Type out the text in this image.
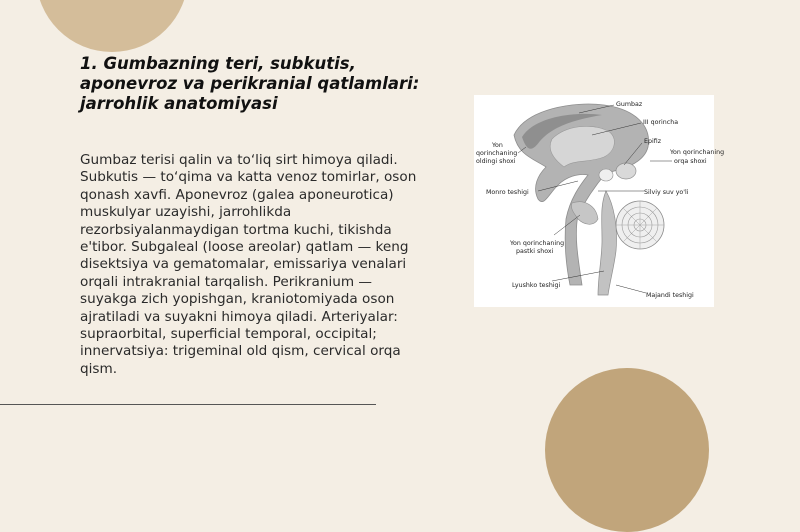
1. Gumbazning teri, subkutis, aponevroz va perikranial qatlamlari: jarrohlik anatomiyasi

Gumbaz terisi qalin va toʻliq sirt himoya qiladi. Subkutis — toʻqima va katta venoz tomirlar, oson qonash xavfi. Aponevroz (galea aponeurotica) muskulyar uzayishi, jarrohlikda rezorbsiyalanmaydigan tortma kuchi, tikishda e'tibor. Subgaleal (loose areolar) qatlam — keng disektsiya va gematomalar, emissariya venalari orqali intrakranial tarqalish. Perikranium — suyakga zich yopishgan, kraniotomiyada oson ajratiladi va suyakni himoya qiladi. Arteriyalar: supraorbital, superficial temporal, occipital; innervatsiya: trigeminal old qism, cervical orqa qism.

Gumbaz
III qorincha
Epifiz
Yon qorinchaning
orqa shoxi
Yon
qorinchaning
oldingi shoxi
Monro teshigi	Silviy suv yo'li
Yon qorinchaning
pastki shoxi
Lyushko teshigi
Majandi teshigi
